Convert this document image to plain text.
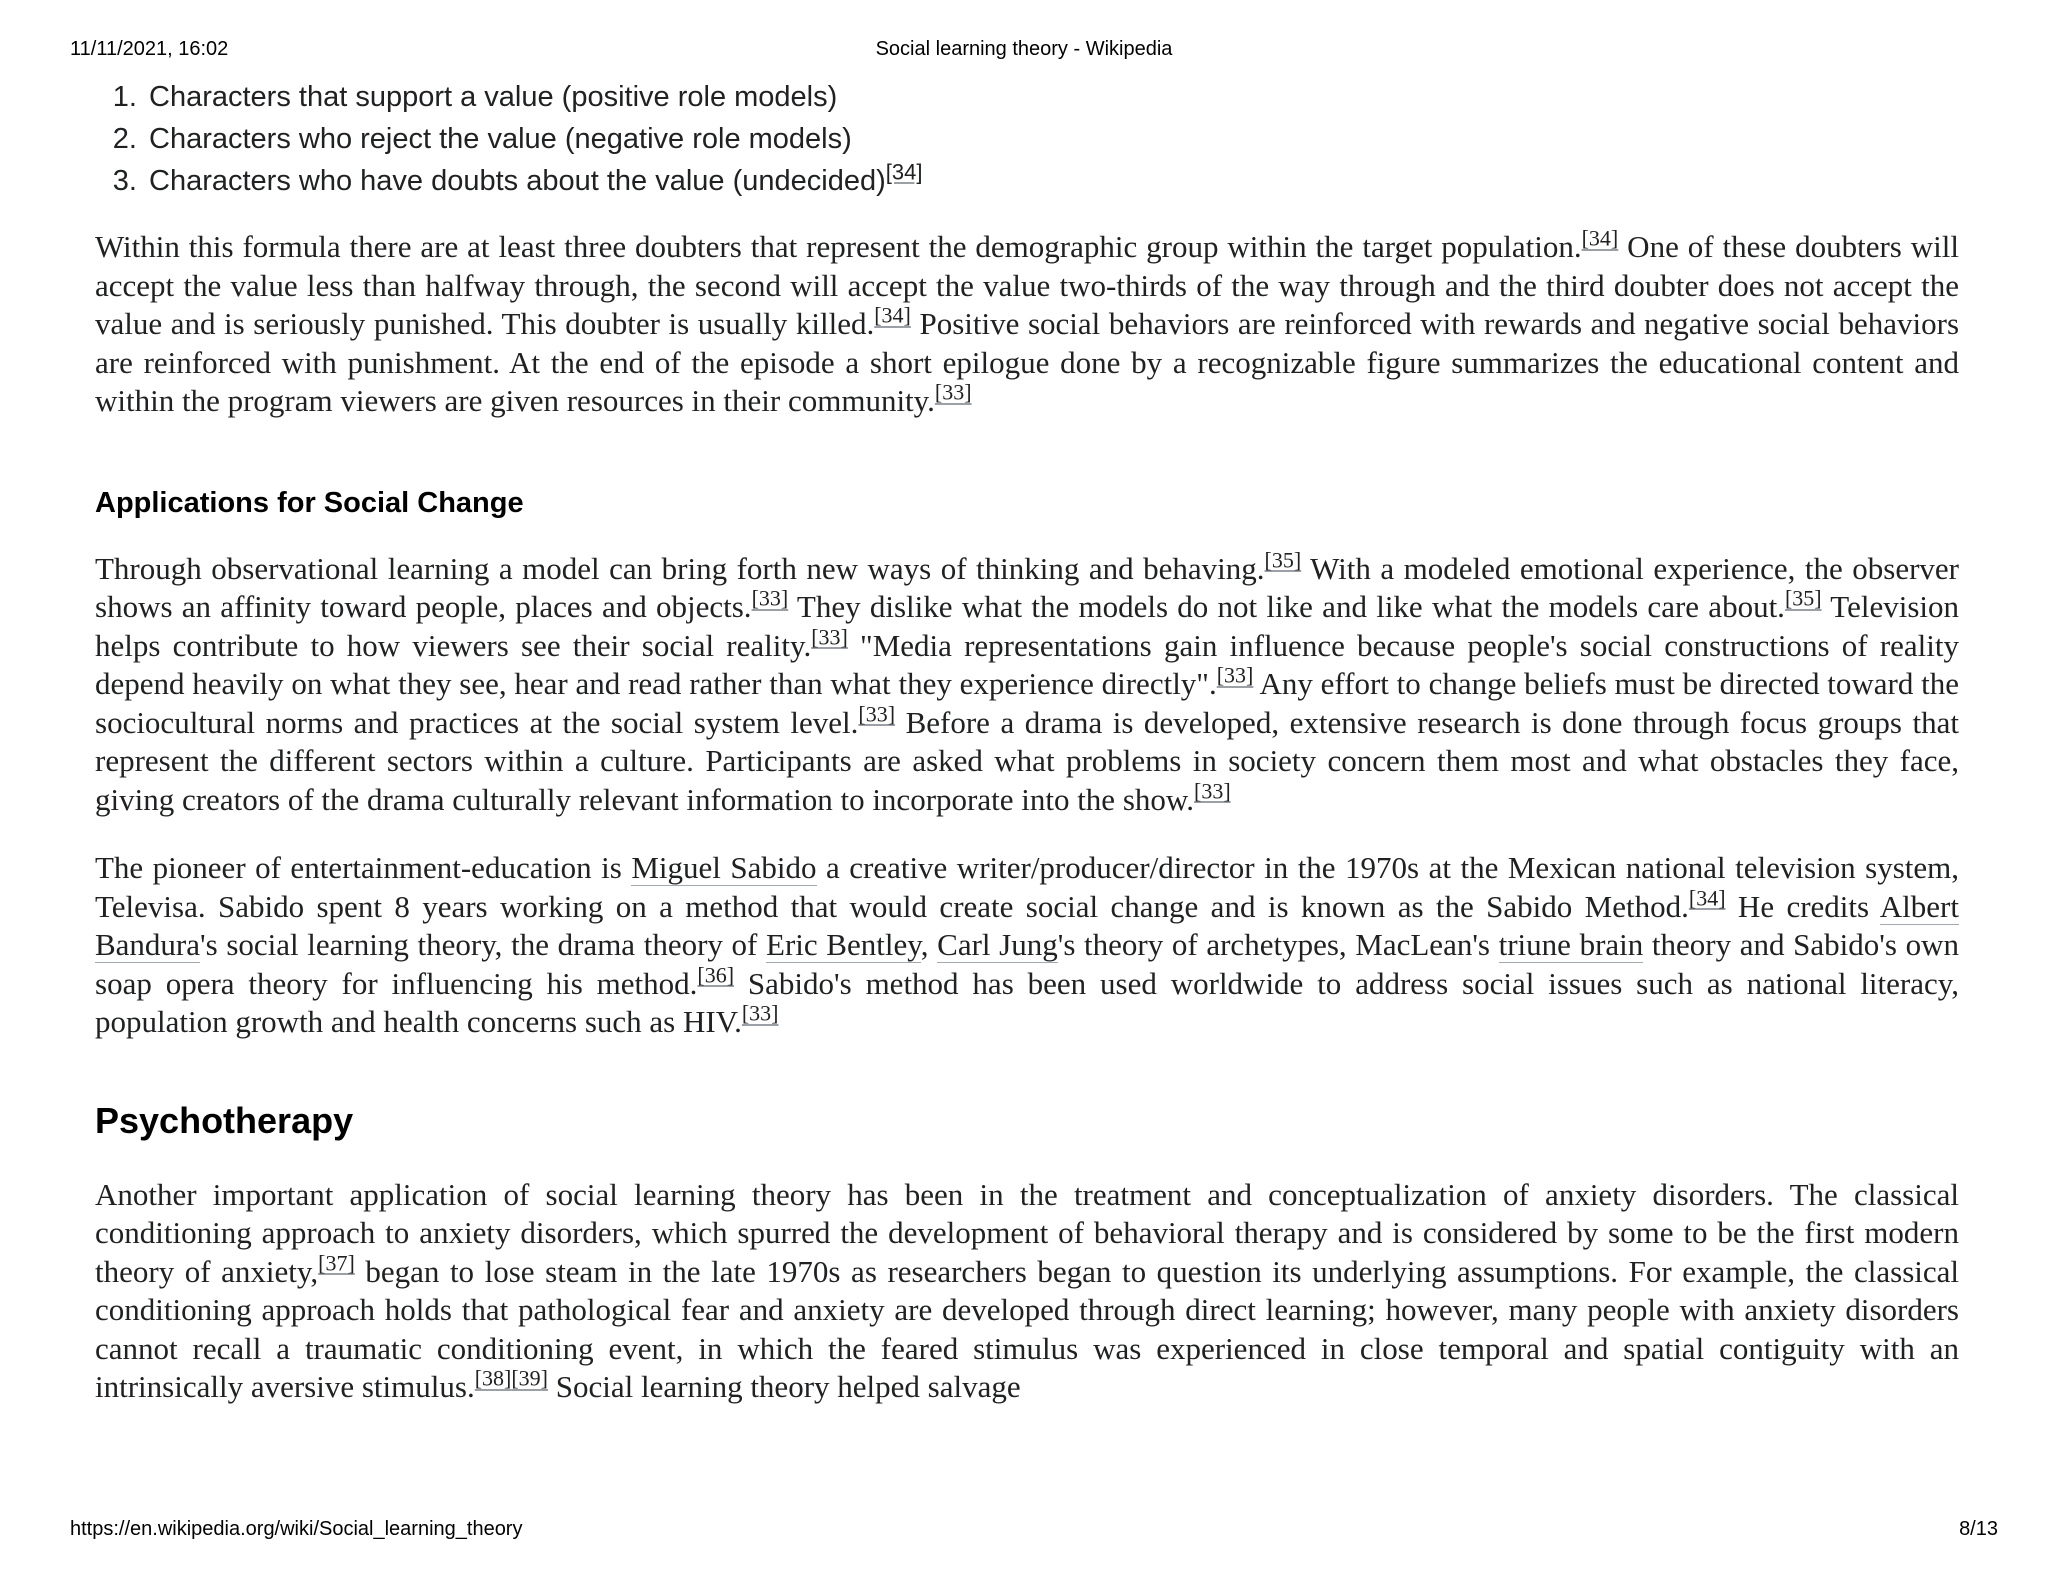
11/11/2021, 16:02	Social learning theory - Wikipedia
1. Characters that support a value (positive role models)
2. Characters who reject the value (negative role models)
3. Characters who have doubts about the value (undecided)[34]

Within this formula there are at least three doubters that represent the demographic group within the target population.[34] One of these doubters will accept the value less than halfway through, the second will accept the value two-thirds of the way through and the third doubter does not accept the value and is seriously punished. This doubter is usually killed.[34] Positive social behaviors are reinforced with rewards and negative social behaviors are reinforced with punishment. At the end of the episode a short epilogue done by a recognizable figure summarizes the educational content and within the program viewers are given resources in their community.[33]

Applications for Social Change

Through observational learning a model can bring forth new ways of thinking and behaving.[35] With a modeled emotional experience, the observer shows an affinity toward people, places and objects.[33] They dislike what the models do not like and like what the models care about.[35] Television helps contribute to how viewers see their social reality.[33] "Media representations gain influence because people's social constructions of reality depend heavily on what they see, hear and read rather than what they experience directly".[33] Any effort to change beliefs must be directed toward the sociocultural norms and practices at the social system level.[33] Before a drama is developed, extensive research is done through focus groups that represent the different sectors within a culture. Participants are asked what problems in society concern them most and what obstacles they face, giving creators of the drama culturally relevant information to incorporate into the show.[33]

The pioneer of entertainment-education is Miguel Sabido a creative writer/producer/director in the 1970s at the Mexican national television system, Televisa. Sabido spent 8 years working on a method that would create social change and is known as the Sabido Method.[34] He credits Albert Bandura's social learning theory, the drama theory of Eric Bentley, Carl Jung's theory of archetypes, MacLean's triune brain theory and Sabido's own soap opera theory for influencing his method.[36] Sabido's method has been used worldwide to address social issues such as national literacy, population growth and health concerns such as HIV.[33]

Psychotherapy

Another important application of social learning theory has been in the treatment and conceptualization of anxiety disorders. The classical conditioning approach to anxiety disorders, which spurred the development of behavioral therapy and is considered by some to be the first modern theory of anxiety,[37] began to lose steam in the late 1970s as researchers began to question its underlying assumptions. For example, the classical conditioning approach holds that pathological fear and anxiety are developed through direct learning; however, many people with anxiety disorders cannot recall a traumatic conditioning event, in which the feared stimulus was experienced in close temporal and spatial contiguity with an intrinsically aversive stimulus.[38][39] Social learning theory helped salvage

https://en.wikipedia.org/wiki/Social_learning_theory	8/13
